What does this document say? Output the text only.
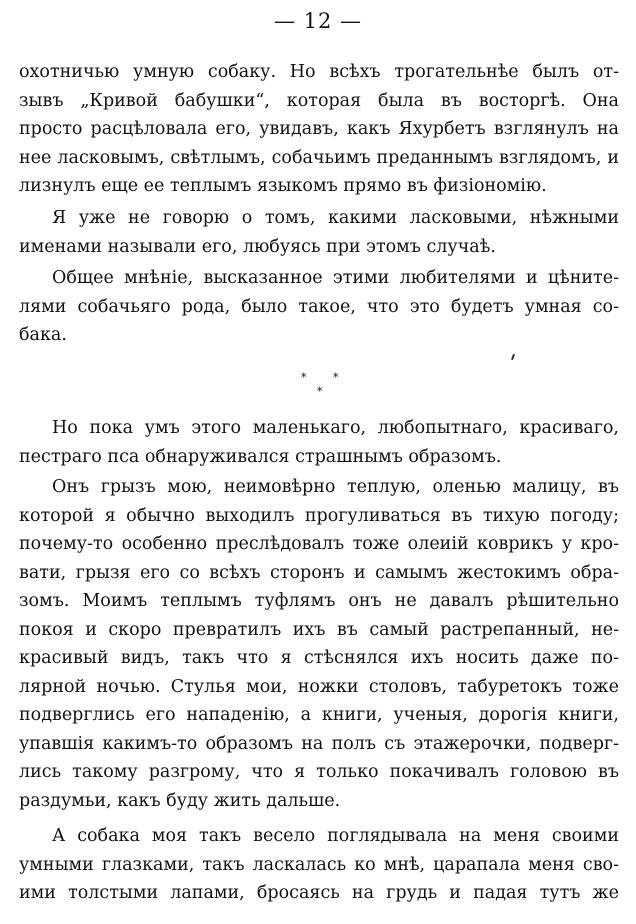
— 12 —
охотничью умную собаку. Но всѣхъ трогательнѣе былъ от-
зывъ „Кривой бабушки“, которая была въ восторгѣ. Она
просто расцѣловала его, увидавъ, какъ Яхурбетъ взглянулъ на
нее ласковымъ, свѣтлымъ, собачьимъ преданнымъ взглядомъ, и
лизнулъ еще ее теплымъ языкомъ прямо въ физіономію.
Я уже не говорю о томъ, какими ласковыми, нѣжными
именами называли его, любуясь при этомъ случаѣ.
Общее мнѣніе, высказанное этими любителями и цѣните-
лями собачьяго рода, было такое, что это будетъ умная со-
бака.
* *
*
Но пока умъ этого маленькаго, любопытнаго, красиваго,
пестраго пса обнаруживался страшнымъ образомъ.
Онъ грызъ мою, неимовѣрно теплую, оленью малицу, въ
которой я обычно выходилъ прогуливаться въ тихую погоду;
почему-то особенно преслѣдовалъ тоже олеиій коврикъ у кро-
вати, грызя его со всѣхъ сторонъ и самымъ жестокимъ обра-
зомъ. Моимъ теплымъ туфлямъ онъ не давалъ рѣшительно
покоя и скоро превратилъ ихъ въ самый растрепанный, не-
красивый видъ, такъ что я стѣснялся ихъ носить даже по-
лярной ночью. Стулья мои, ножки столовъ, табуретокъ тоже
подверглись его нападенію, а книги, ученыя, дорогія книги,
упавшія какимъ-то образомъ на полъ съ этажерочки, подверг-
лись такому разгрому, что я только покачивалъ головою въ
раздумьи, какъ буду жить дальше.
А собака моя такъ весело поглядывала на меня своими
умными глазками, такъ ласкалась ко мнѣ, царапала меня сво-
ими толстыми лапами, бросаясь на грудь и падая тутъ же
